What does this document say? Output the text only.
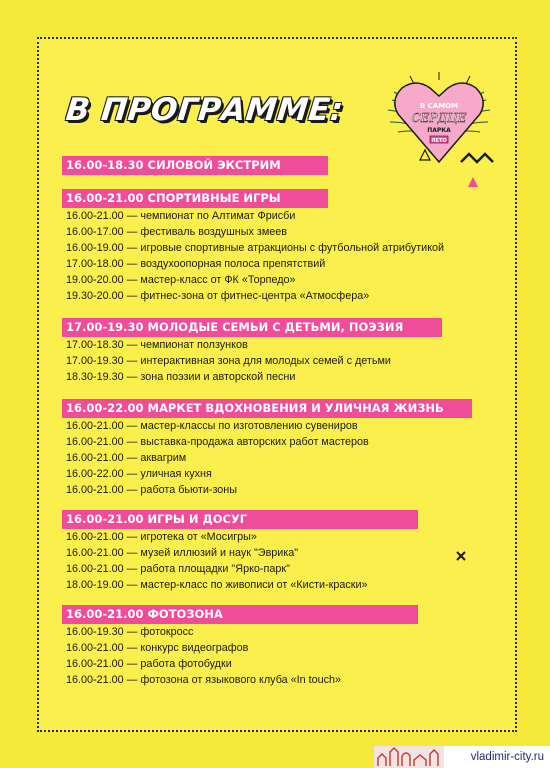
В ПРОГРАММЕ:	В САМОМ
СЕРДЦЕ
ПАРКА
ЛЕТО
16.00-18.30 СИЛОВОЙ ЭКСТРИМ
16.00-21.00 СПОРТИВНЫЕ ИГРЫ
16.00-21.00 — чемпионат по Алтимат Фрисби
16.00-17.00 — фестиваль воздушных змеев
16.00-19.00 — игровые спортивные атракционы с футбольной атрибутикой
17.00-18.00 — воздухоопорная полоса препятствий
19.00-20.00 — мастер-класс от ФК «Торпедо»
19.30-20.00 — фитнес-зона от фитнес-центра «Атмосфера»
17.00-19.30 МОЛОДЫЕ СЕМЬИ С ДЕТЬМИ, ПОЭЗИЯ
17.00-18.30 — чемпионат ползунков
17.00-19.30 — интерактивная зона для молодых семей с детьми
18.30-19.30 — зона поэзии и авторской песни
16.00-22.00 МАРКЕТ ВДОХНОВЕНИЯ И УЛИЧНАЯ ЖИЗНЬ
16.00-21.00 — мастер-классы по изготовлению сувениров
16.00-21.00 — выставка-продажа авторских работ мастеров
16.00-21.00 — аквагрим
16.00-22.00 — уличная кухня
16.00-21.00 — работа бьюти-зоны
16.00-21.00 ИГРЫ И ДОСУГ
16.00-21.00 — игротека от «Мосигры»
16.00-21.00 — музей иллюзий и наук "Эврика"
16.00-21.00 — работа площадки "Ярко-парк"
18.00-19.00 — мастер-класс по живописи от «Кисти-краски»
16.00-21.00 ФОТОЗОНА
16.00-19.30 — фотокросс
16.00-21.00 — конкурс видеографов
16.00-21.00 — работа фотобудки
16.00-21.00 — фотозона от языкового клуба «In touch»
vladimir-city.ru
